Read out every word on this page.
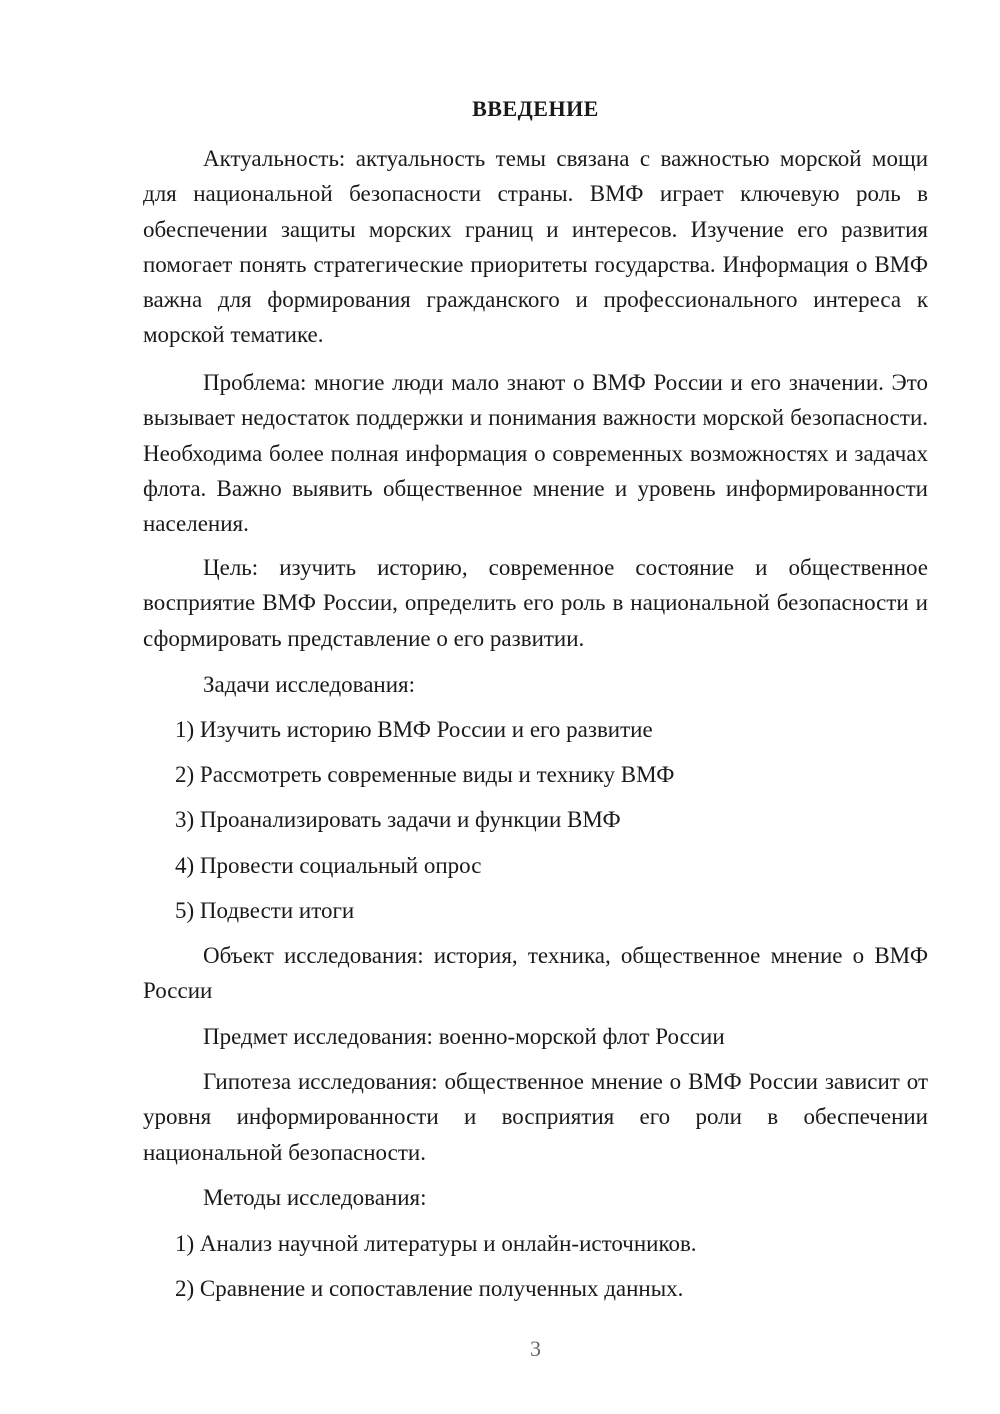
ВВЕДЕНИЕ

Актуальность: актуальность темы связана с важностью морской мощи для национальной безопасности страны. ВМФ играет ключевую роль в обеспечении защиты морских границ и интересов. Изучение его развития помогает понять стратегические приоритеты государства. Информация о ВМФ важна для формирования гражданского и профессионального интереса к морской тематике.

Проблема: многие люди мало знают о ВМФ России и его значении. Это вызывает недостаток поддержки и понимания важности морской безопасности. Необходима более полная информация о современных возможностях и задачах флота. Важно выявить общественное мнение и уровень информированности населения.

Цель: изучить историю, современное состояние и общественное восприятие ВМФ России, определить его роль в национальной безопасности и сформировать представление о его развитии.

Задачи исследования:

1) Изучить историю ВМФ России и его развитие

2) Рассмотреть современные виды и технику ВМФ

3) Проанализировать задачи и функции ВМФ

4) Провести социальный опрос

5) Подвести итоги

Объект исследования: история, техника, общественное мнение о ВМФ России

Предмет исследования: военно-морской флот России

Гипотеза исследования: общественное мнение о ВМФ России зависит от уровня информированности и восприятия его роли в обеспечении национальной безопасности.

Методы исследования:

1) Анализ научной литературы и онлайн-источников.

2) Сравнение и сопоставление полученных данных.

3
